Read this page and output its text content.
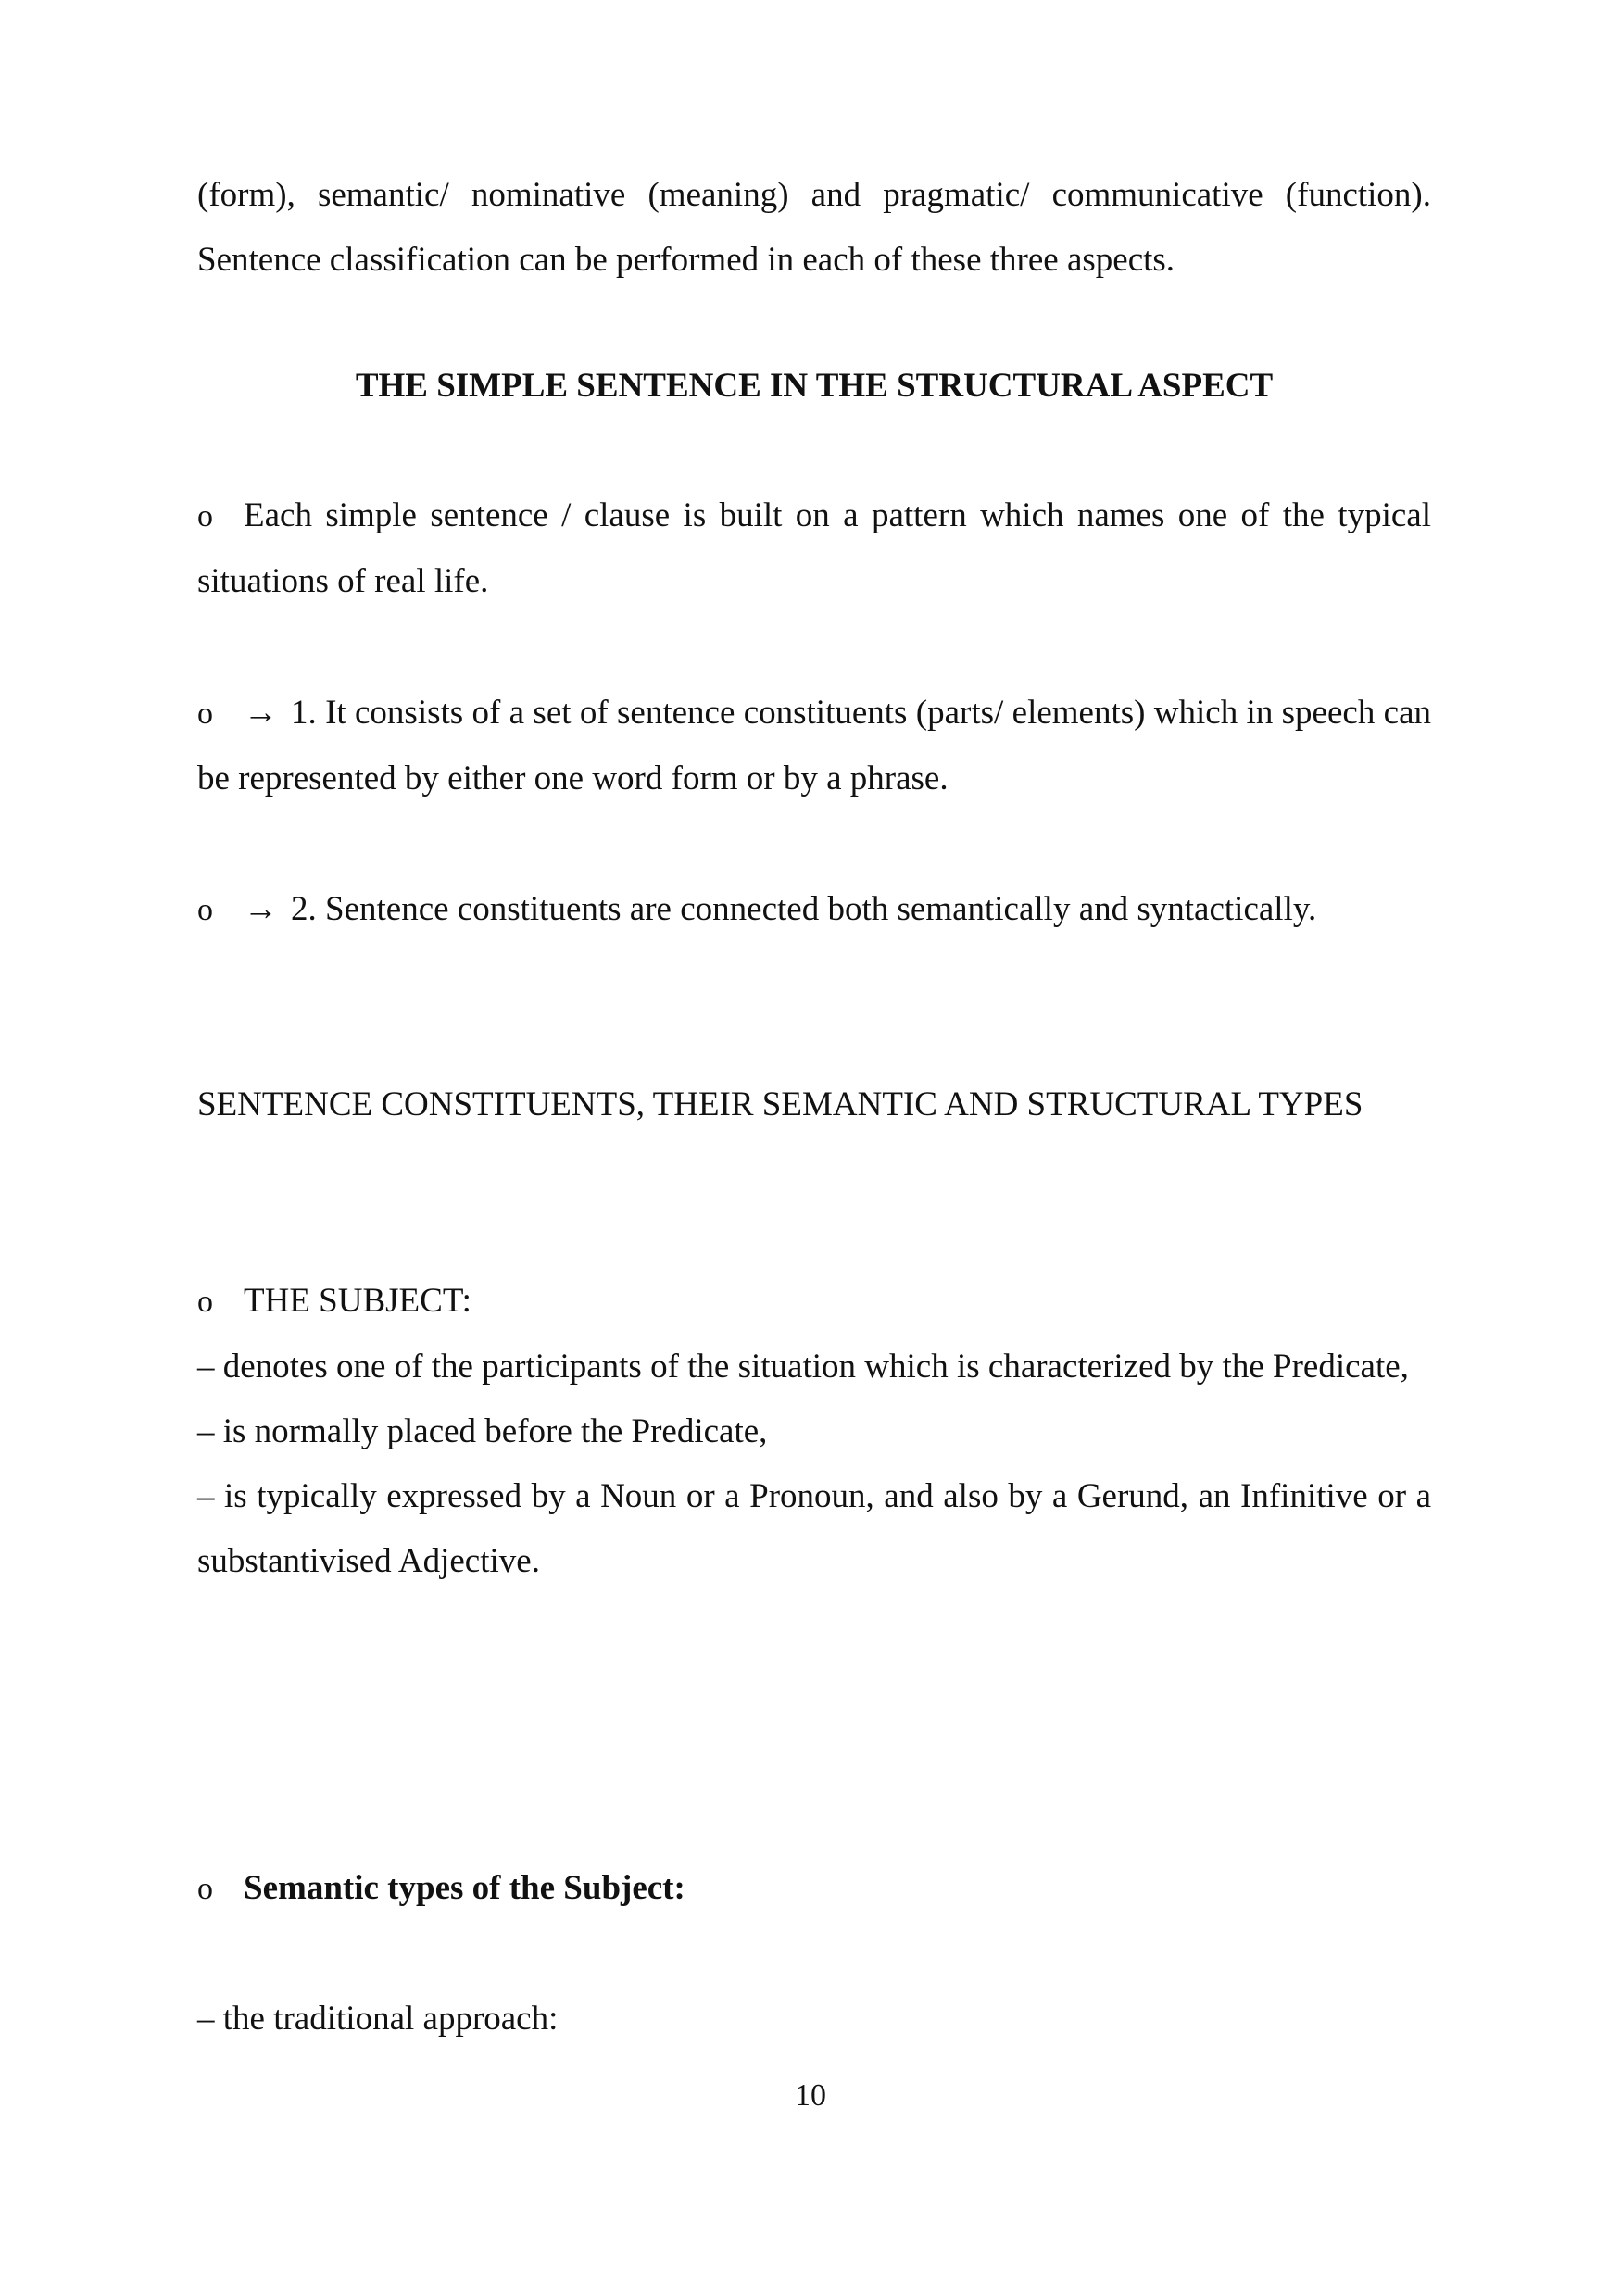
(form), semantic/ nominative (meaning) and pragmatic/ communicative (function). Sentence classification can be performed in each of these three aspects.

THE SIMPLE SENTENCE IN THE STRUCTURAL ASPECT

o Each simple sentence / clause is built on a pattern which names one of the typical situations of real life.

o → 1. It consists of a set of sentence constituents (parts/ elements) which in speech can be represented by either one word form or by a phrase.

o → 2. Sentence constituents are connected both semantically and syntactically.

SENTENCE CONSTITUENTS, THEIR SEMANTIC AND STRUCTURAL TYPES

o THE SUBJECT:
– denotes one of the participants of the situation which is characterized by the Predicate,
– is normally placed before the Predicate,
– is typically expressed by a Noun or a Pronoun, and also by a Gerund, an Infinitive or a substantivised Adjective.

o Semantic types of the Subject:

– the traditional approach:

10
